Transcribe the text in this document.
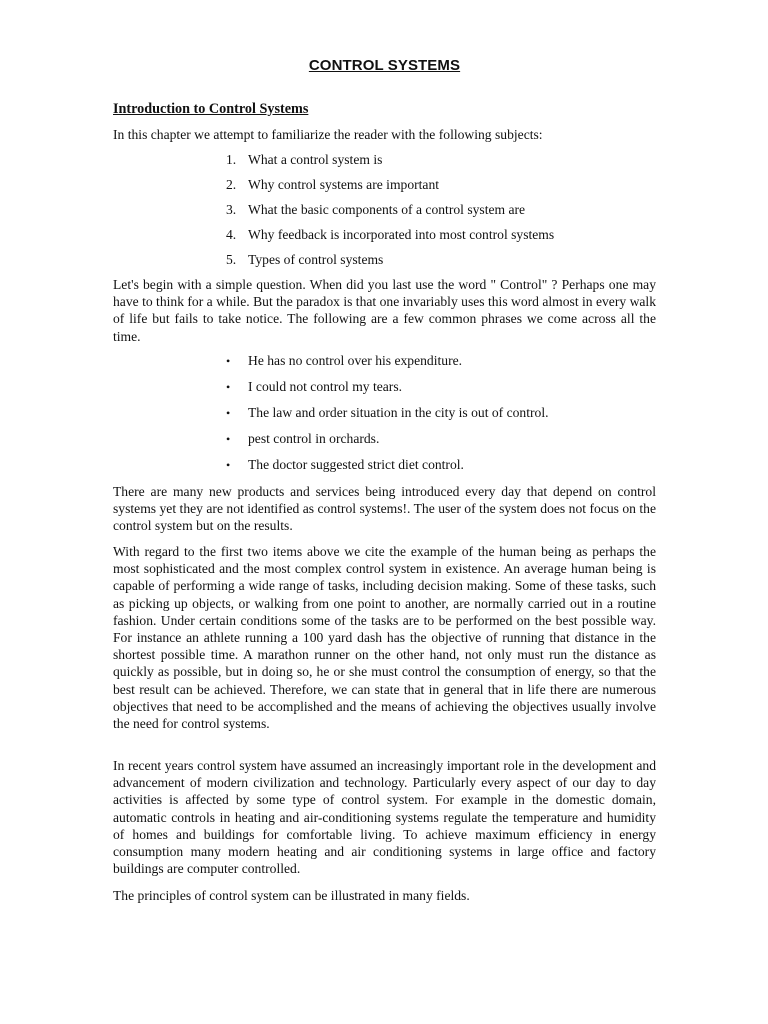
CONTROL SYSTEMS
Introduction to Control Systems
In this chapter we attempt to familiarize the reader with the following subjects:
1. What a control system is
2. Why control systems are important
3. What the basic components of a control system are
4. Why feedback is incorporated into most control systems
5. Types of control systems

Let's begin with a simple question. When did you last use the word " Control" ? Perhaps one may have to think for a while. But the paradox is that one invariably uses this word almost in every walk of life but fails to take notice. The following are a few common phrases we come across all the time.

• He has no control over his expenditure.
• I could not control my tears.
• The law and order situation in the city is out of control.
• pest control in orchards.
• The doctor suggested strict diet control.

There are many new products and services being introduced every day that depend on control systems yet they are not identified as control systems!. The user of the system does not focus on the control system but on the results.

With regard to the first two items above we cite the example of the human being as perhaps the most sophisticated and the most complex control system in existence. An average human being is capable of performing a wide range of tasks, including decision making. Some of these tasks, such as picking up objects, or walking from one point to another, are normally carried out in a routine fashion. Under certain conditions some of the tasks are to be performed on the best possible way. For instance an athlete running a 100 yard dash has the objective of running that distance in the shortest possible time. A marathon runner on the other hand, not only must run the distance as quickly as possible, but in doing so, he or she must control the consumption of energy, so that the best result can be achieved. Therefore, we can state that in general that in life there are numerous objectives that need to be accomplished and the means of achieving the objectives usually involve the need for control systems.

In recent years control system have assumed an increasingly important role in the development and advancement of modern civilization and technology. Particularly every aspect of our day to day activities is affected by some type of control system. For example in the domestic domain, automatic controls in heating and air-conditioning systems regulate the temperature and humidity of homes and buildings for comfortable living. To achieve maximum efficiency in energy consumption many modern heating and air conditioning systems in large office and factory buildings are computer controlled.

The principles of control system can be illustrated in many fields.
